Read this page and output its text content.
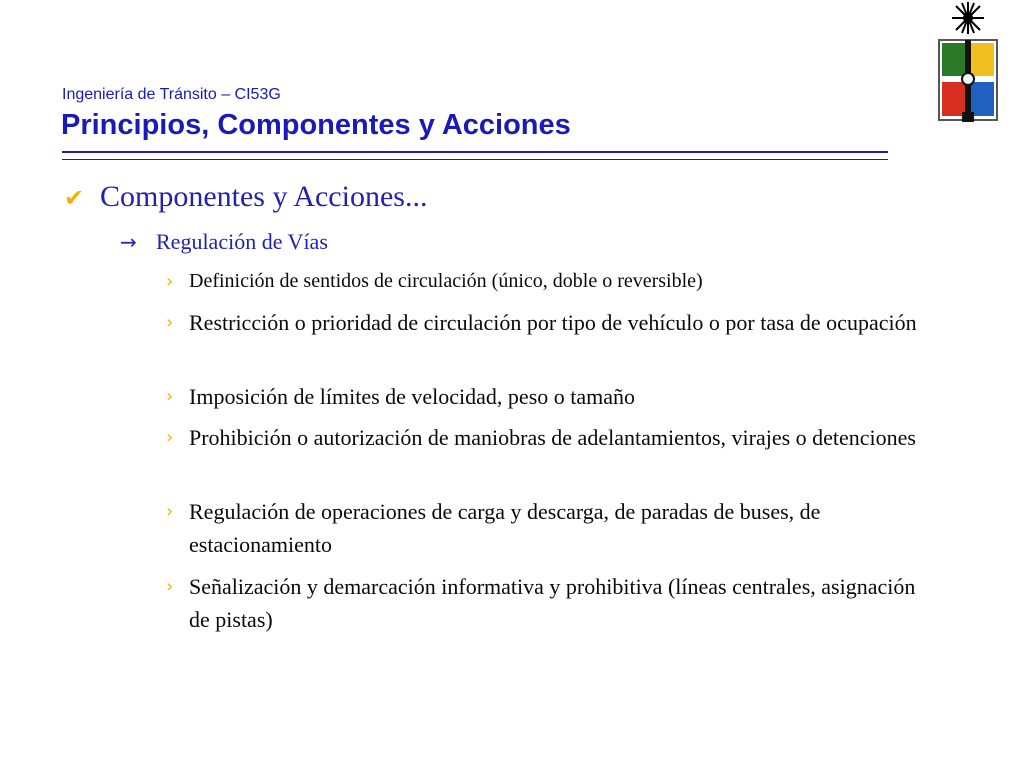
Ingeniería de Tránsito – CI53G
Principios, Componentes y Acciones
✔ Componentes y Acciones...
→ Regulación de Vías
› Definición de sentidos de circulación (único, doble o reversible)
› Restricción o prioridad de circulación por tipo de vehículo o por tasa de ocupación
› Imposición de límites de velocidad, peso o tamaño
› Prohibición o autorización de maniobras de adelantamientos, virajes o detenciones
› Regulación de operaciones de carga y descarga, de paradas de buses, de estacionamiento
› Señalización y demarcación informativa y prohibitiva (líneas centrales, asignación de pistas)
